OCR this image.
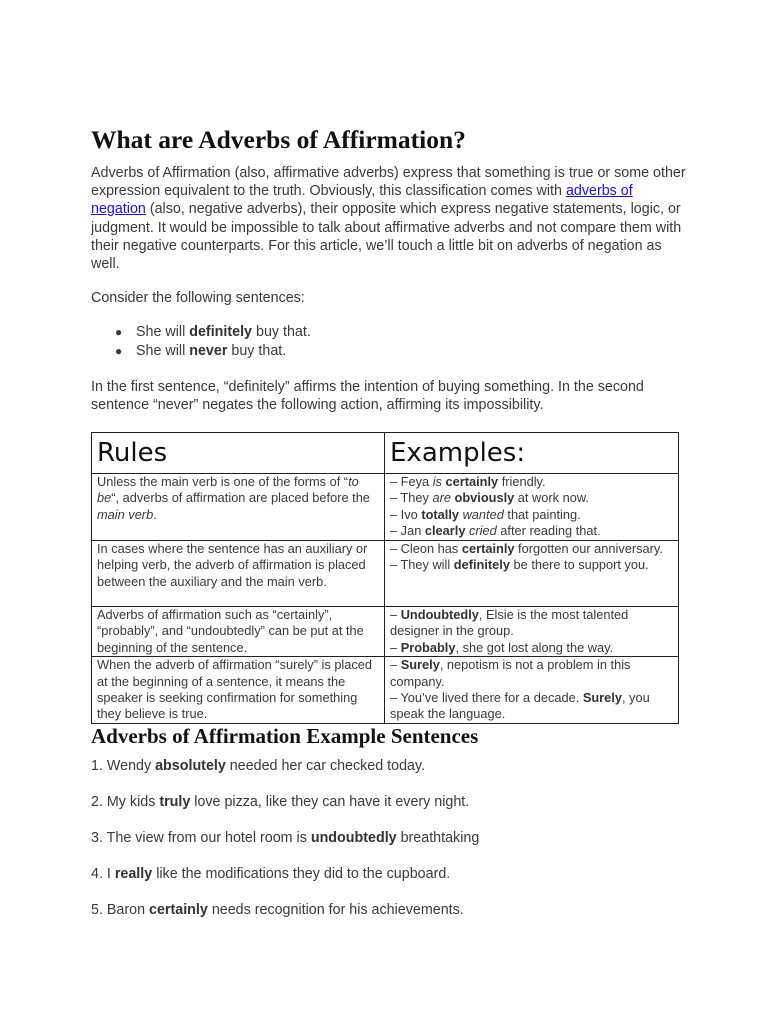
What are Adverbs of Affirmation?

Adverbs of Affirmation (also, affirmative adverbs) express that something is true or some other expression equivalent to the truth. Obviously, this classification comes with adverbs of negation (also, negative adverbs), their opposite which express negative statements, logic, or judgment. It would be impossible to talk about affirmative adverbs and not compare them with their negative counterparts. For this article, we’ll touch a little bit on adverbs of negation as well.

Consider the following sentences:

● She will definitely buy that.
● She will never buy that.

In the first sentence, “definitely” affirms the intention of buying something. In the second sentence “never” negates the following action, affirming its impossibility.

Rules	Examples:
Unless the main verb is one of the forms of “to be“, adverbs of affirmation are placed before the main verb.	– Feya is certainly friendly.
– They are obviously at work now.
– Ivo totally wanted that painting.
– Jan clearly cried after reading that.

In cases where the sentence has an auxiliary or helping verb, the adverb of affirmation is placed between the auxiliary and the main verb.	– Cleon has certainly forgotten our anniversary.
– They will definitely be there to support you.

Adverbs of affirmation such as “certainly”, “probably”, and “undoubtedly” can be put at the beginning of the sentence.	– Undoubtedly, Elsie is the most talented designer in the group.
– Probably, she got lost along the way.

When the adverb of affirmation “surely” is placed at the beginning of a sentence, it means the speaker is seeking confirmation for something they believe is true.	– Surely, nepotism is not a problem in this company.
– You’ve lived there for a decade. Surely, you speak the language.
Adverbs of Affirmation Example Sentences

1. Wendy absolutely needed her car checked today.

2. My kids truly love pizza, like they can have it every night.

3. The view from our hotel room is undoubtedly breathtaking

4. I really like the modifications they did to the cupboard.

5. Baron certainly needs recognition for his achievements.
